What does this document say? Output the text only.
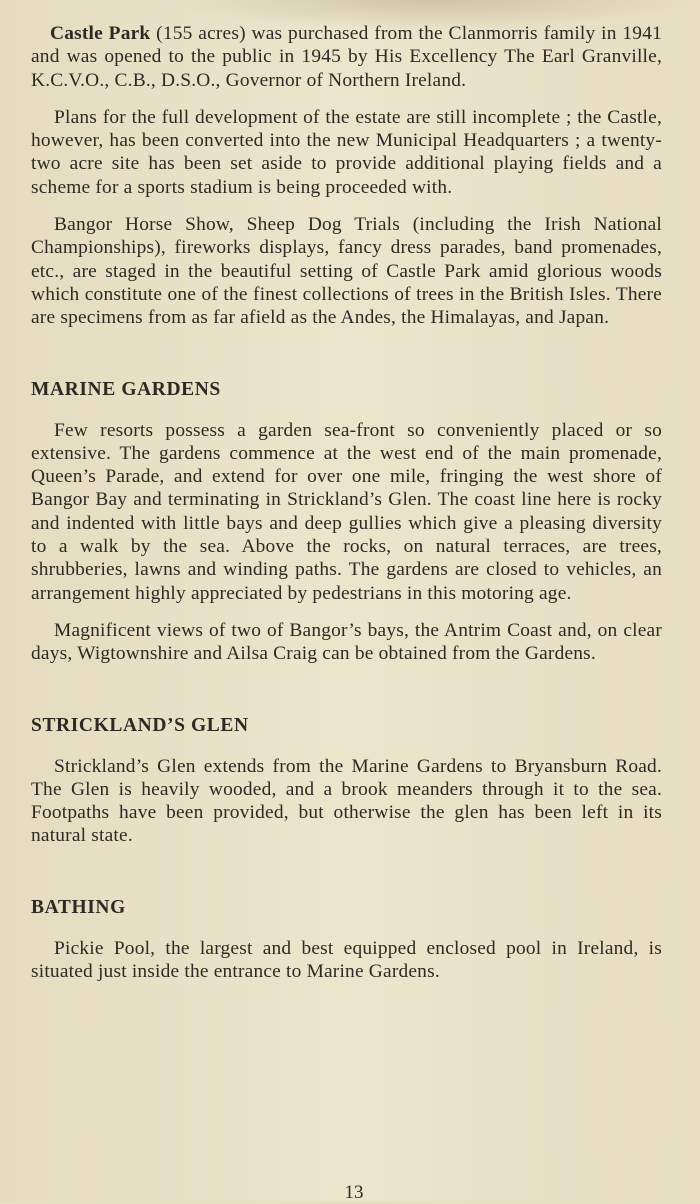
Castle Park (155 acres) was purchased from the Clanmorris family in 1941 and was opened to the public in 1945 by His Excellency The Earl Granville, K.C.V.O., C.B., D.S.O., Governor of Northern Ireland.

Plans for the full development of the estate are still incomplete ; the Castle, however, has been converted into the new Municipal Headquarters ; a twenty-two acre site has been set aside to provide additional playing fields and a scheme for a sports stadium is being proceeded with.

Bangor Horse Show, Sheep Dog Trials (including the Irish National Championships), fireworks displays, fancy dress parades, band promenades, etc., are staged in the beautiful setting of Castle Park amid glorious woods which constitute one of the finest collections of trees in the British Isles. There are specimens from as far afield as the Andes, the Himalayas, and Japan.

MARINE GARDENS

Few resorts possess a garden sea-front so conveniently placed or so extensive. The gardens commence at the west end of the main promenade, Queen’s Parade, and extend for over one mile, fringing the west shore of Bangor Bay and terminating in Strickland’s Glen. The coast line here is rocky and indented with little bays and deep gullies which give a pleasing diversity to a walk by the sea. Above the rocks, on natural terraces, are trees, shrubberies, lawns and winding paths. The gardens are closed to vehicles, an arrangement highly appreciated by pedestrians in this motoring age.

Magnificent views of two of Bangor’s bays, the Antrim Coast and, on clear days, Wigtownshire and Ailsa Craig can be obtained from the Gardens.

STRICKLAND’S GLEN

Strickland’s Glen extends from the Marine Gardens to Bryansburn Road. The Glen is heavily wooded, and a brook meanders through it to the sea. Footpaths have been provided, but otherwise the glen has been left in its natural state.

BATHING

Pickie Pool, the largest and best equipped enclosed pool in Ireland, is situated just inside the entrance to Marine Gardens.

13
